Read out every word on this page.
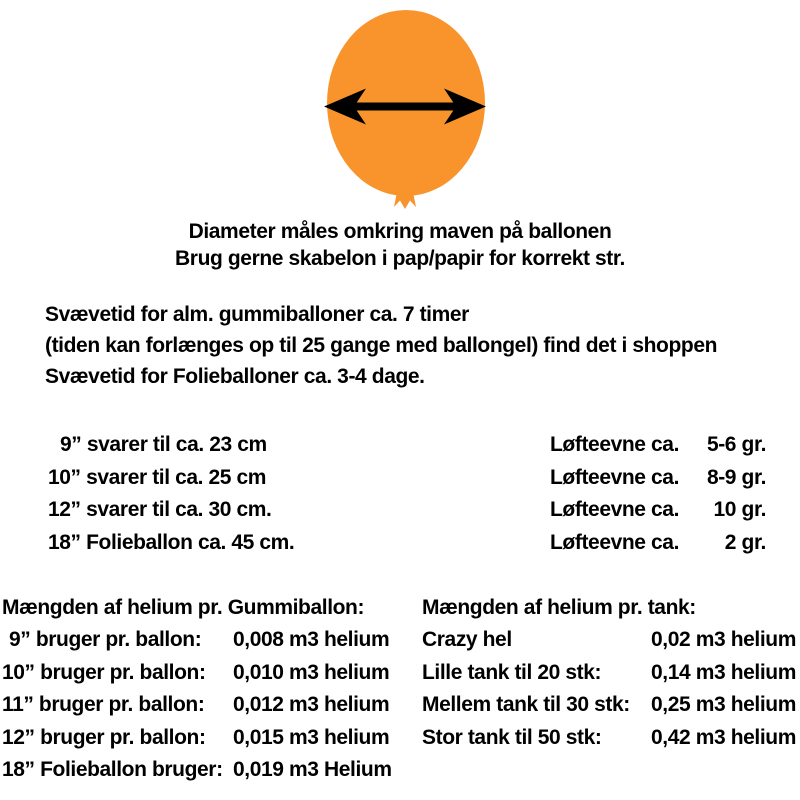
Diameter måles omkring maven på ballonen
Brug gerne skabelon i pap/papir for korrekt str.
Svævetid for alm. gummiballoner ca. 7 timer
(tiden kan forlænges op til 25 gange med ballongel) find det i shoppen
Svævetid for Folieballoner ca. 3-4 dage.
9” svarer til ca. 23 cm	Løfteevne ca.	5-6 gr.
10” svarer til ca. 25 cm	Løfteevne ca.	8-9 gr.
12” svarer til ca. 30 cm.	Løfteevne ca.	10 gr.
18” Folieballon ca. 45 cm.	Løfteevne ca.	2 gr.
Mængden af helium pr. Gummiballon:
9” bruger pr. ballon:	0,008 m3 helium
10” bruger pr. ballon:	0,010 m3 helium
11” bruger pr. ballon:	0,012 m3 helium
12” bruger pr. ballon:	0,015 m3 helium
18” Folieballon bruger: 0,019 m3 Helium
Mængden af helium pr. tank:
Crazy hel	0,02 m3 helium
Lille tank til 20 stk:	0,14 m3 helium
Mellem tank til 30 stk:	0,25 m3 helium
Stor tank til 50 stk:	0,42 m3 helium
